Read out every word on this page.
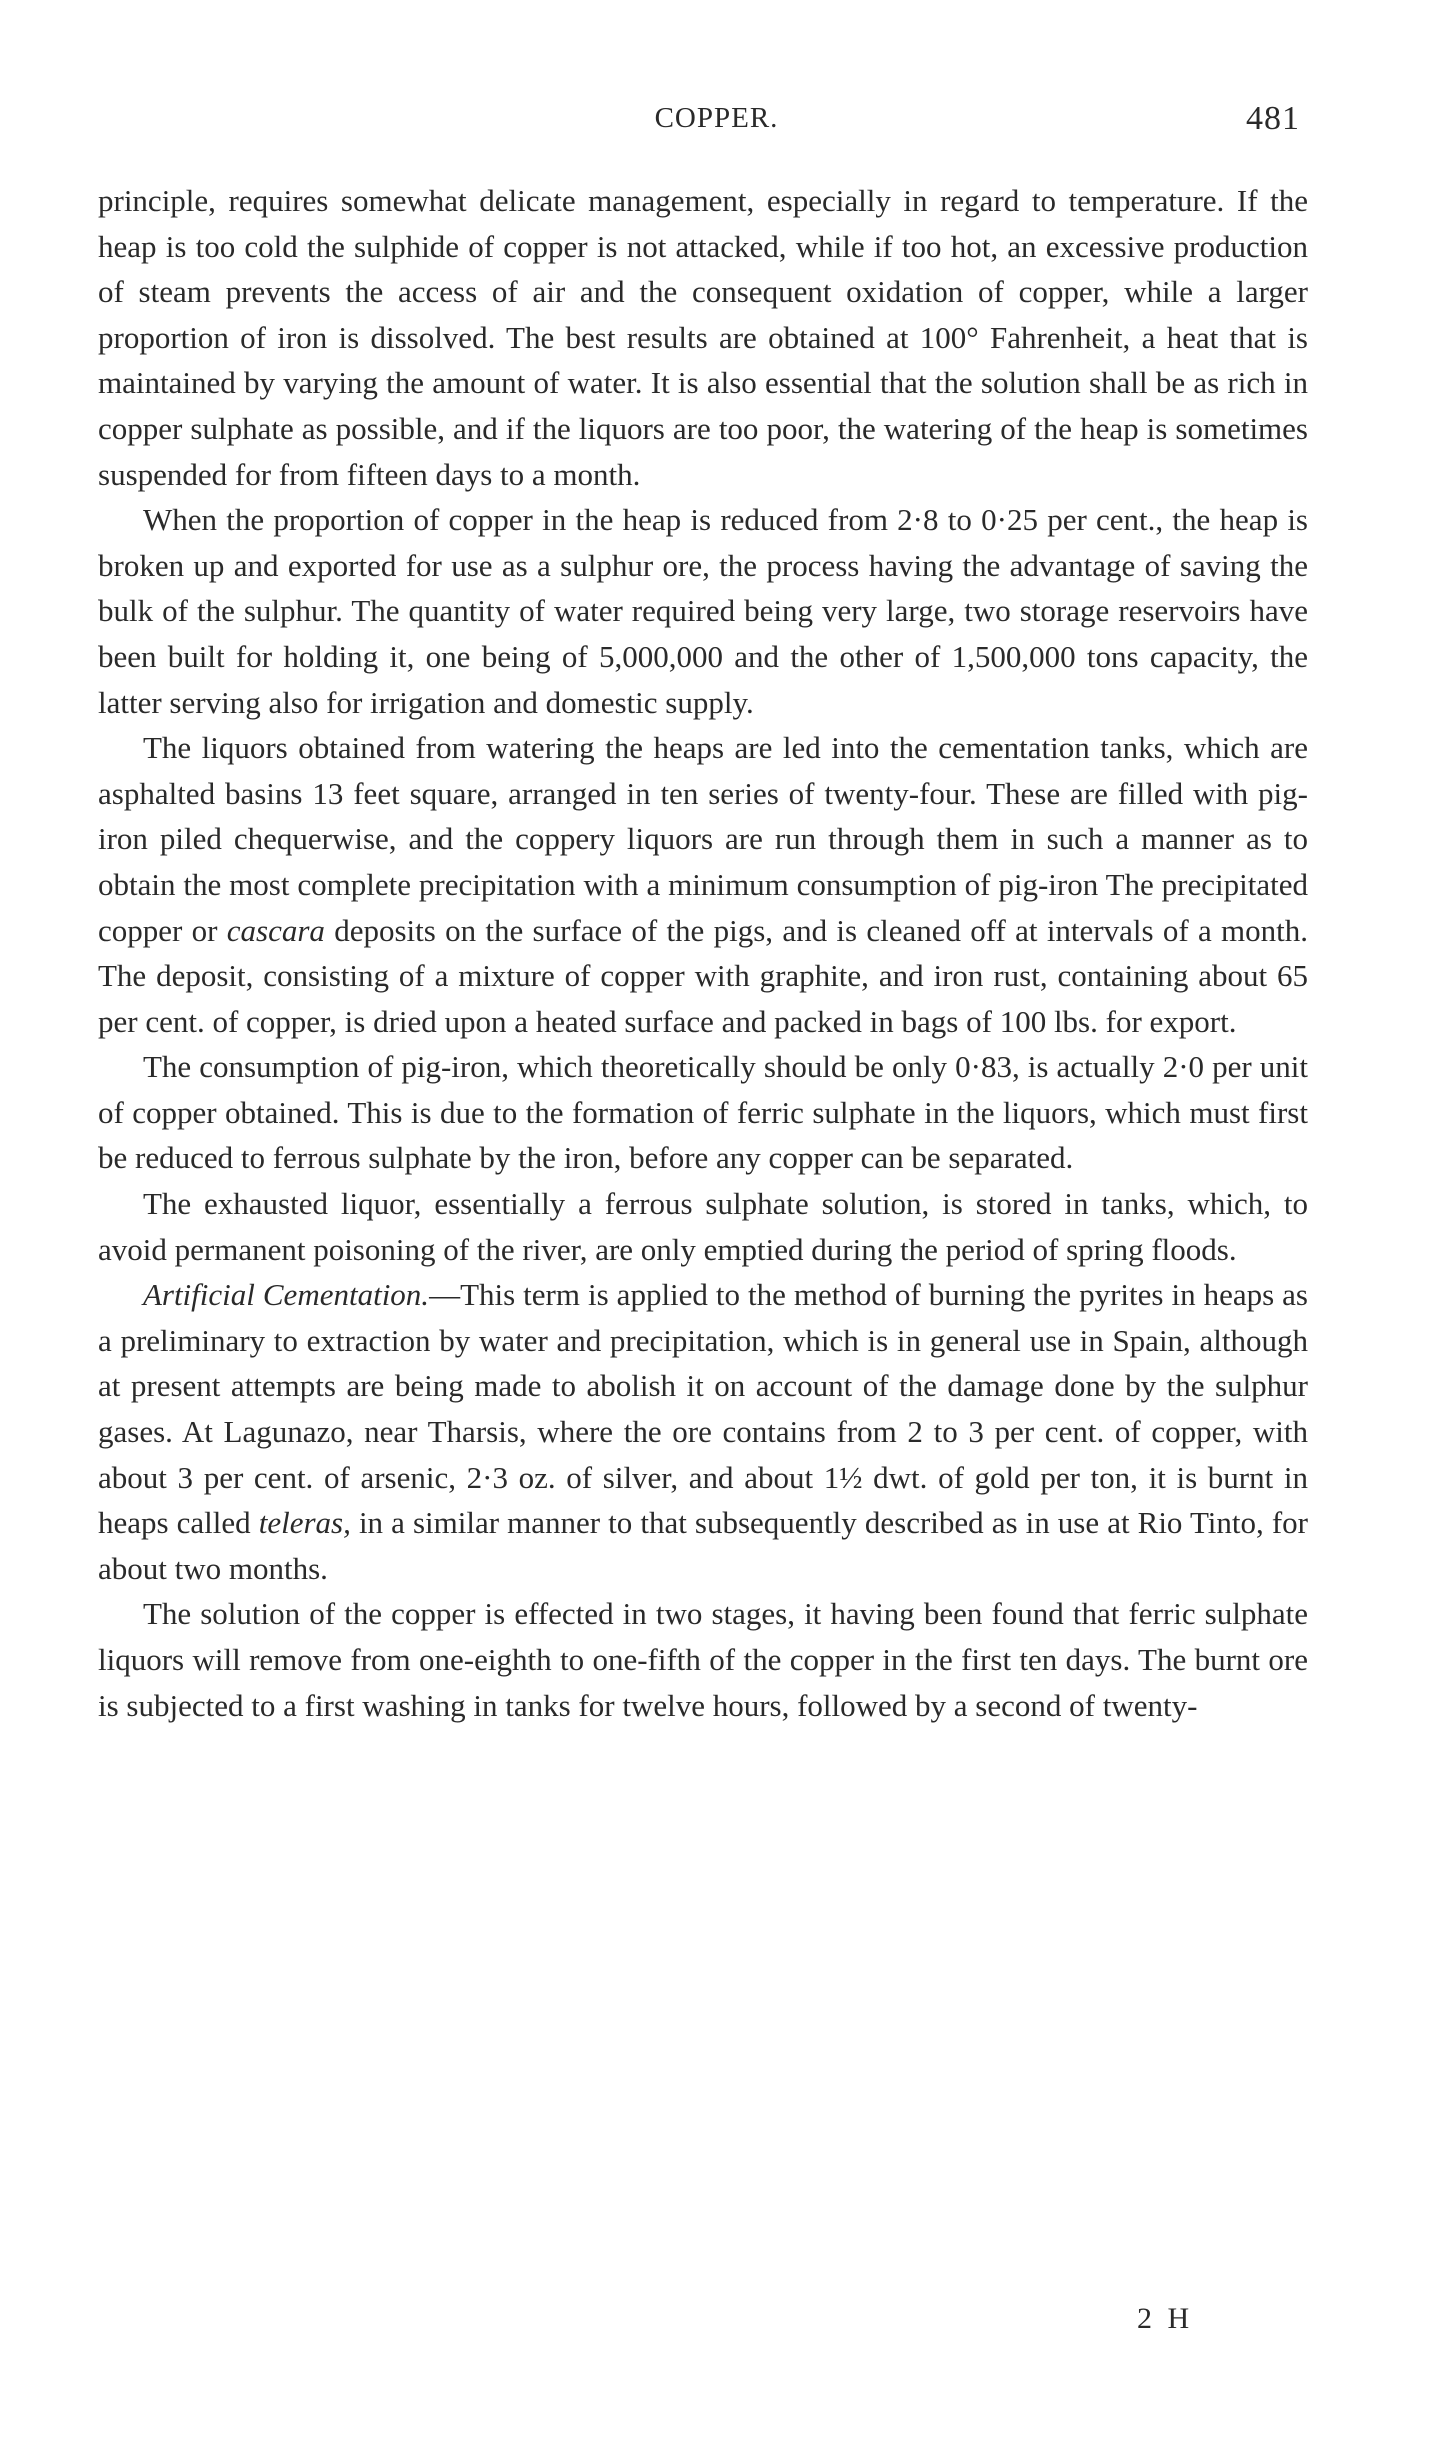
COPPER.	481

principle, requires somewhat delicate management, especially in regard to temperature. If the heap is too cold the sulphide of copper is not attacked, while if too hot, an excessive production of steam prevents the access of air and the consequent oxidation of copper, while a larger proportion of iron is dissolved. The best results are obtained at 100° Fahrenheit, a heat that is maintained by varying the amount of water. It is also essential that the solution shall be as rich in copper sulphate as possible, and if the liquors are too poor, the watering of the heap is sometimes suspended for from fifteen days to a month.

When the proportion of copper in the heap is reduced from 2·8 to 0·25 per cent., the heap is broken up and exported for use as a sulphur ore, the process having the advantage of saving the bulk of the sulphur. The quantity of water required being very large, two storage reservoirs have been built for holding it, one being of 5,000,000 and the other of 1,500,000 tons capacity, the latter serving also for irrigation and domestic supply.

The liquors obtained from watering the heaps are led into the cementation tanks, which are asphalted basins 13 feet square, arranged in ten series of twenty-four. These are filled with pig-iron piled chequerwise, and the coppery liquors are run through them in such a manner as to obtain the most complete precipitation with a minimum consumption of pig-iron The precipitated copper or cascara deposits on the surface of the pigs, and is cleaned off at intervals of a month. The deposit, consisting of a mixture of copper with graphite, and iron rust, containing about 65 per cent. of copper, is dried upon a heated surface and packed in bags of 100 lbs. for export.

The consumption of pig-iron, which theoretically should be only 0·83, is actually 2·0 per unit of copper obtained. This is due to the formation of ferric sulphate in the liquors, which must first be reduced to ferrous sulphate by the iron, before any copper can be separated.

The exhausted liquor, essentially a ferrous sulphate solution, is stored in tanks, which, to avoid permanent poisoning of the river, are only emptied during the period of spring floods.

Artificial Cementation.—This term is applied to the method of burning the pyrites in heaps as a preliminary to extraction by water and precipitation, which is in general use in Spain, although at present attempts are being made to abolish it on account of the damage done by the sulphur gases. At Lagunazo, near Tharsis, where the ore contains from 2 to 3 per cent. of copper, with about 3 per cent. of arsenic, 2·3 oz. of silver, and about 1½ dwt. of gold per ton, it is burnt in heaps called teleras, in a similar manner to that subsequently described as in use at Rio Tinto, for about two months.

The solution of the copper is effected in two stages, it having been found that ferric sulphate liquors will remove from one-eighth to one-fifth of the copper in the first ten days. The burnt ore is subjected to a first washing in tanks for twelve hours, followed by a second of twenty-

2 H
